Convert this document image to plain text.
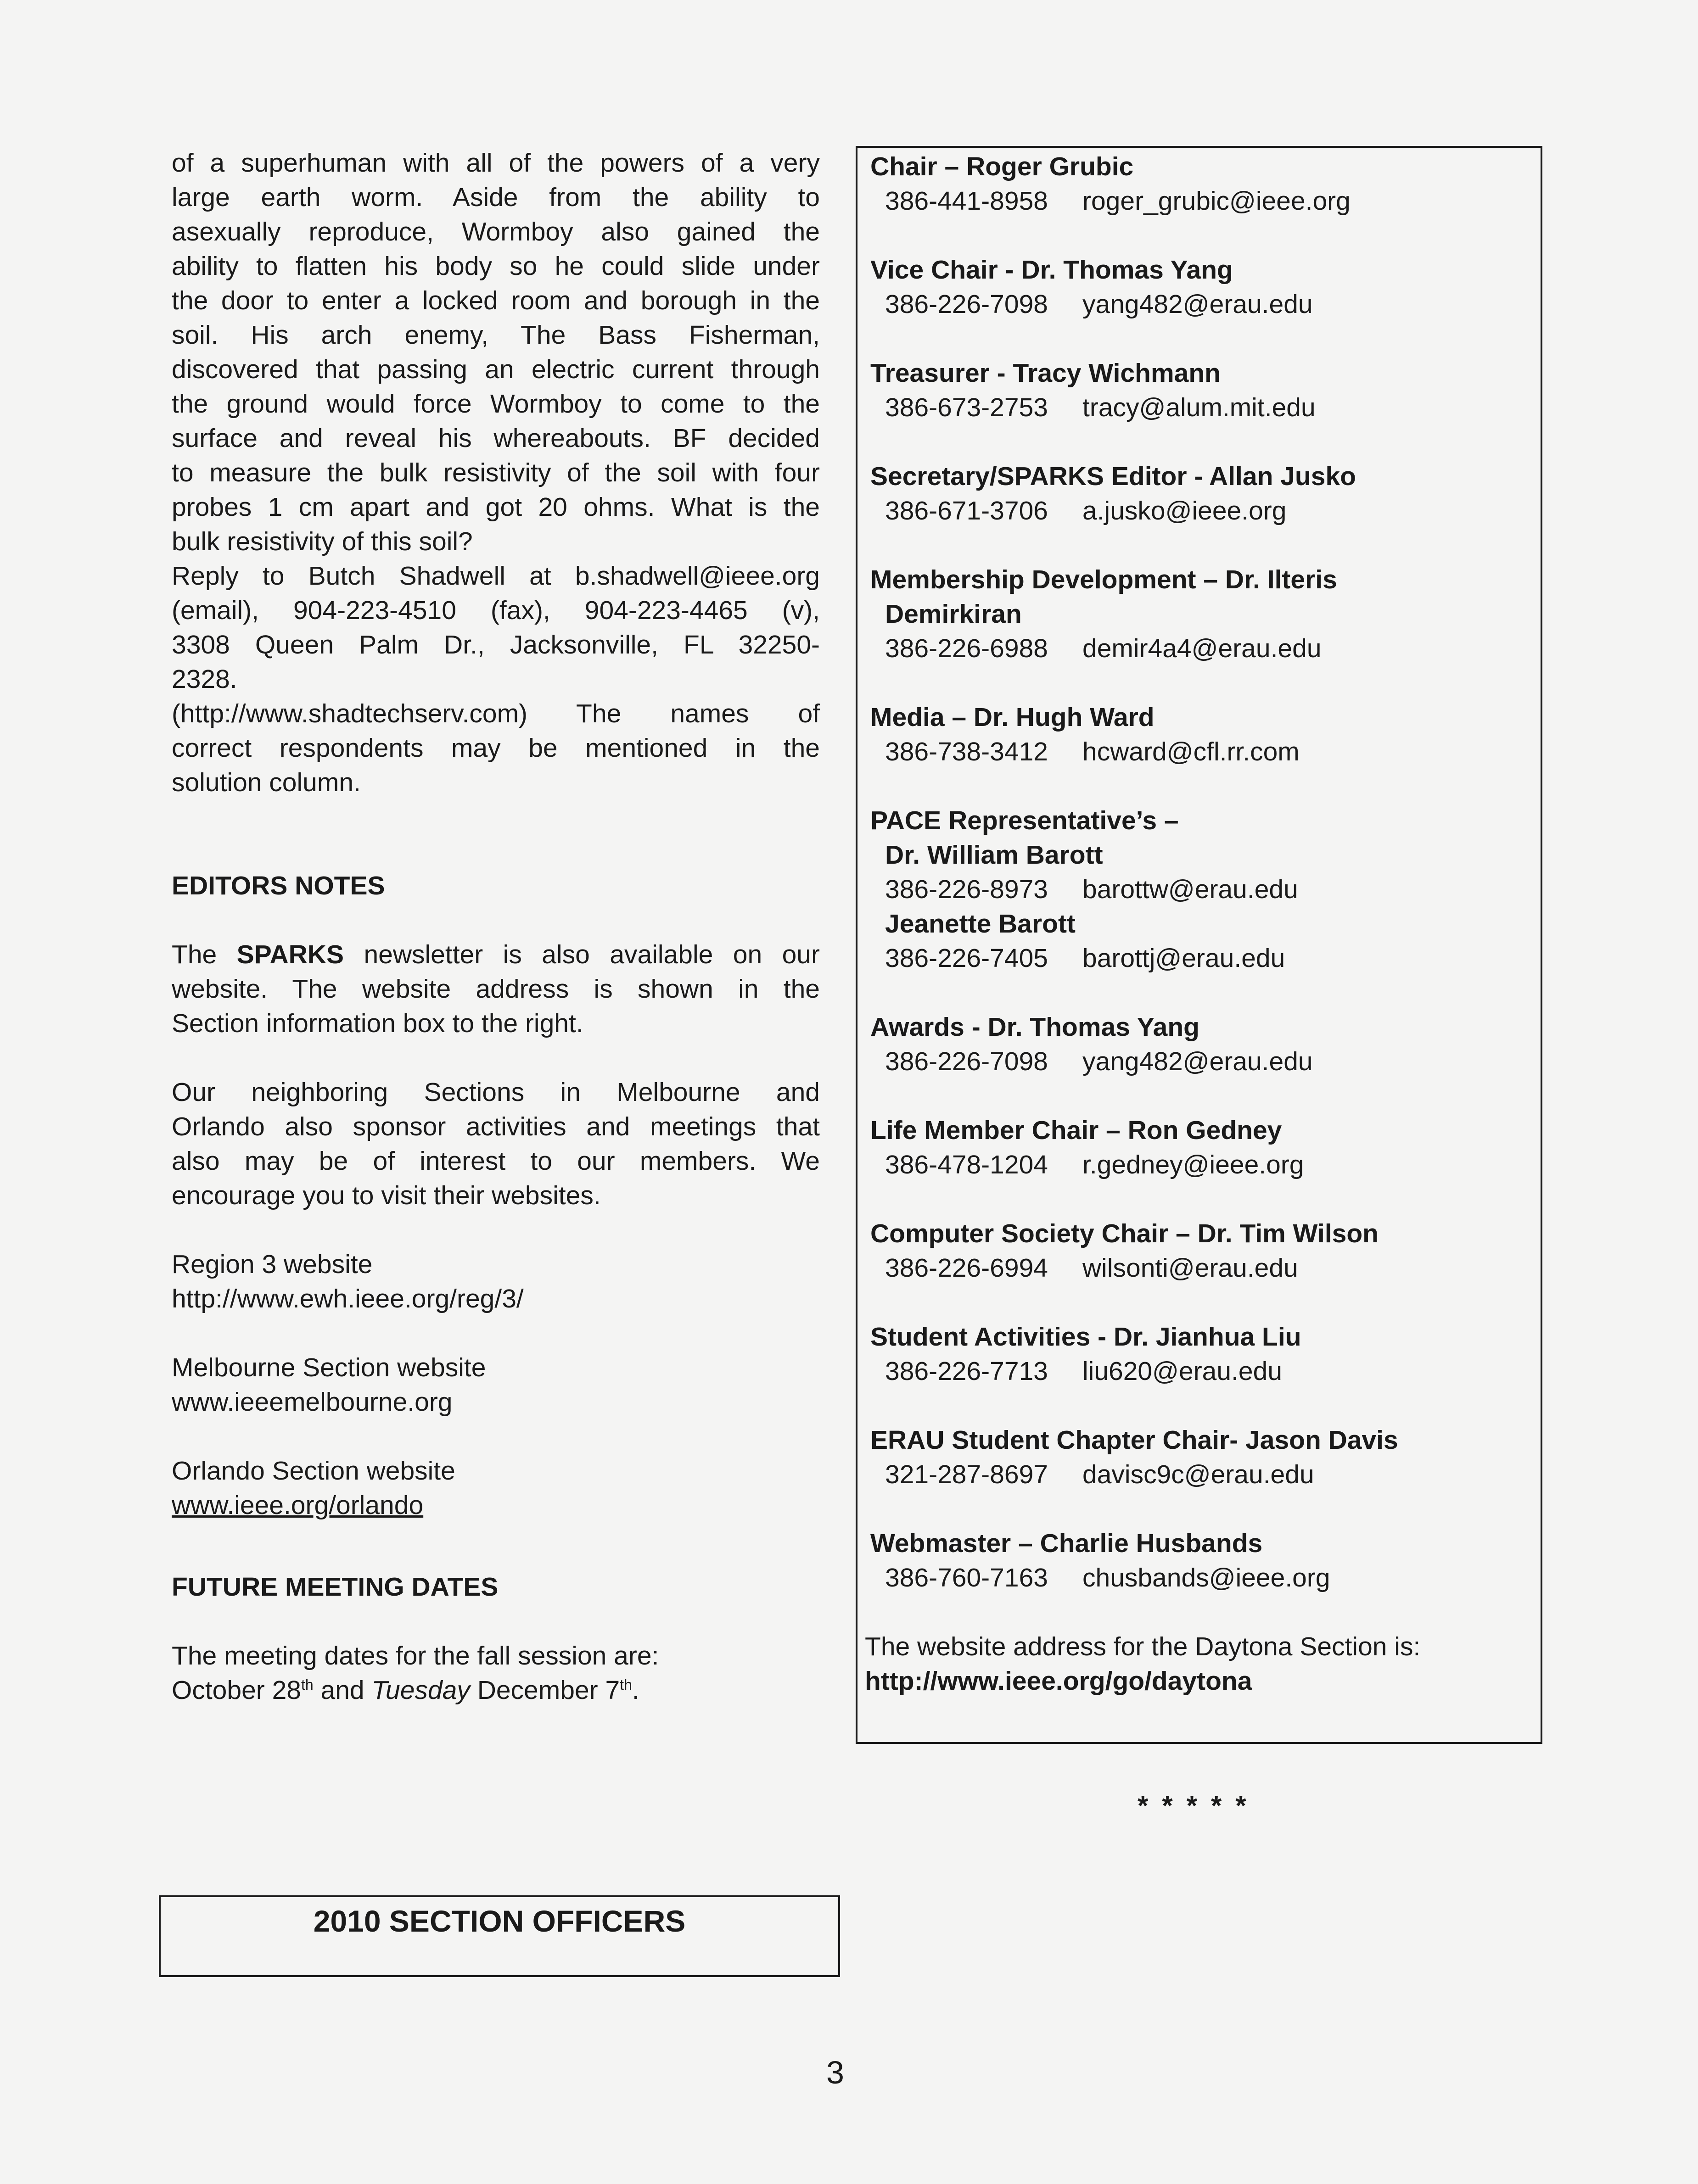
of a superhuman with all of the powers of a very
large earth worm. Aside from the ability to
asexually reproduce, Wormboy also gained the
ability to flatten his body so he could slide under
the door to enter a locked room and borough in the
soil. His arch enemy, The Bass Fisherman,
discovered that passing an electric current through
the ground would force Wormboy to come to the
surface and reveal his whereabouts. BF decided
to measure the bulk resistivity of the soil with four
probes 1 cm apart and got 20 ohms. What is the
bulk resistivity of this soil?
Reply to Butch Shadwell at b.shadwell@ieee.org
(email), 904-223-4510 (fax), 904-223-4465 (v),
3308 Queen Palm Dr., Jacksonville, FL 32250-
2328.
(http://www.shadtechserv.com) The names of
correct respondents may be mentioned in the
solution column.

EDITORS NOTES

The SPARKS newsletter is also available on our
website. The website address is shown in the
Section information box to the right.
Our neighboring Sections in Melbourne and
Orlando also sponsor activities and meetings that
also may be of interest to our members. We
encourage you to visit their websites.
Region 3 website
http://www.ewh.ieee.org/reg/3/
Melbourne Section website
www.ieeemelbourne.org
Orlando Section website
www.ieee.org/orlando

FUTURE MEETING DATES

The meeting dates for the fall session are:
October 28th and Tuesday December 7th.
Chair – Roger Grubic
386-441-8958 roger_grubic@ieee.org
Vice Chair - Dr. Thomas Yang
386-226-7098 yang482@erau.edu
Treasurer - Tracy Wichmann
386-673-2753 tracy@alum.mit.edu
Secretary/SPARKS Editor - Allan Jusko
386-671-3706 a.jusko@ieee.org
Membership Development – Dr. Ilteris
Demirkiran
386-226-6988 demir4a4@erau.edu
Media – Dr. Hugh Ward
386-738-3412 hcward@cfl.rr.com
PACE Representative’s –
Dr. William Barott
386-226-8973 barottw@erau.edu
Jeanette Barott
386-226-7405 barottj@erau.edu
Awards - Dr. Thomas Yang
386-226-7098 yang482@erau.edu
Life Member Chair – Ron Gedney
386-478-1204 r.gedney@ieee.org
Computer Society Chair – Dr. Tim Wilson
386-226-6994 wilsonti@erau.edu
Student Activities - Dr. Jianhua Liu
386-226-7713 liu620@erau.edu
ERAU Student Chapter Chair- Jason Davis
321-287-8697 davisc9c@erau.edu
Webmaster – Charlie Husbands
386-760-7163 chusbands@ieee.org
The website address for the Daytona Section is:
http://www.ieee.org/go/daytona
*****
2010 SECTION OFFICERS
3
